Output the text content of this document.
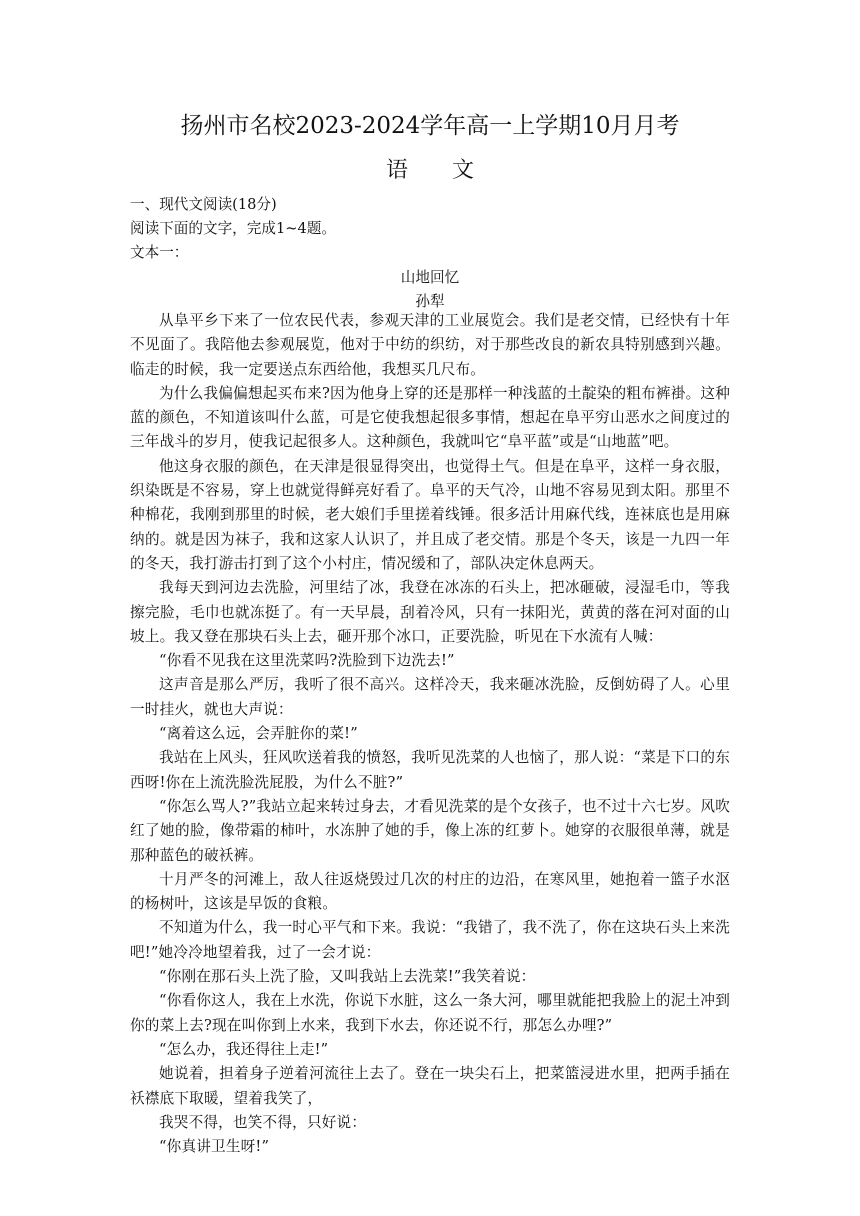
扬州市名校2023-2024学年高一上学期10月月考
语文
一、现代文阅读(18分)
阅读下面的文字，完成1~4题。
文本一：
山地回忆
孙犁

从阜平乡下来了一位农民代表，参观天津的工业展览会。我们是老交情，已经快有十年不见面了。我陪他去参观展览，他对于中纺的织纺，对于那些改良的新农具特别感到兴趣。临走的时候，我一定要送点东西给他，我想买几尺布。

为什么我偏偏想起买布来?因为他身上穿的还是那样一种浅蓝的土靛染的粗布裤褂。这种蓝的颜色，不知道该叫什么蓝，可是它使我想起很多事情，想起在阜平穷山恶水之间度过的三年战斗的岁月，使我记起很多人。这种颜色，我就叫它“阜平蓝”或是“山地蓝”吧。

他这身衣服的颜色，在天津是很显得突出，也觉得土气。但是在阜平，这样一身衣服，织染既是不容易，穿上也就觉得鲜亮好看了。阜平的天气冷，山地不容易见到太阳。那里不种棉花，我刚到那里的时候，老大娘们手里搓着线锤。很多活计用麻代线，连袜底也是用麻纳的。就是因为袜子，我和这家人认识了，并且成了老交情。那是个冬天，该是一九四一年的冬天，我打游击打到了这个小村庄，情况缓和了，部队决定休息两天。

我每天到河边去洗脸，河里结了冰，我登在冰冻的石头上，把冰砸破，浸湿毛巾，等我擦完脸，毛巾也就冻挺了。有一天早晨，刮着冷风，只有一抹阳光，黄黄的落在河对面的山坡上。我又登在那块石头上去，砸开那个冰口，正要洗脸，听见在下水流有人喊：

“你看不见我在这里洗菜吗?洗脸到下边洗去!”

这声音是那么严厉，我听了很不高兴。这样冷天，我来砸冰洗脸，反倒妨碍了人。心里一时挂火，就也大声说：

“离着这么远，会弄脏你的菜!”

我站在上风头，狂风吹送着我的愤怒，我听见洗菜的人也恼了，那人说：“菜是下口的东西呀!你在上流洗脸洗屁股，为什么不脏?”

“你怎么骂人?”我站立起来转过身去，才看见洗菜的是个女孩子，也不过十六七岁。风吹红了她的脸，像带霜的柿叶，水冻肿了她的手，像上冻的红萝卜。她穿的衣服很单薄，就是那种蓝色的破袄裤。

十月严冬的河滩上，敌人往返烧毁过几次的村庄的边沿，在寒风里，她抱着一篮子水沤的杨树叶，这该是早饭的食粮。

不知道为什么，我一时心平气和下来。我说：“我错了，我不洗了，你在这块石头上来洗吧!”她冷冷地望着我，过了一会才说：

“你刚在那石头上洗了脸，又叫我站上去洗菜!”我笑着说：

“你看你这人，我在上水洗，你说下水脏，这么一条大河，哪里就能把我脸上的泥土冲到你的菜上去?现在叫你到上水来，我到下水去，你还说不行，那怎么办哩?”

“怎么办，我还得往上走!”

她说着，担着身子逆着河流往上去了。登在一块尖石上，把菜篮浸进水里，把两手插在袄襟底下取暖，望着我笑了，

我哭不得，也笑不得，只好说：

“你真讲卫生呀!”
